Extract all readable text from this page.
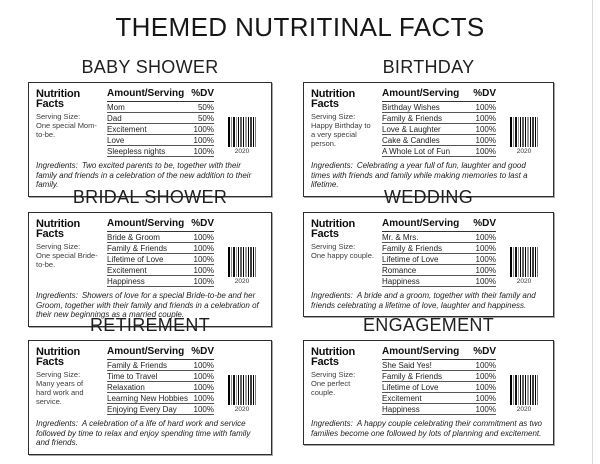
THEMED NUTRITINAL FACTS
BABY SHOWER
Nutrition
Facts
Serving Size:
One special Mom-to-be.
Amount/Serving %DV
Mom	50%
Dad	50%
Excitement	100%
Love	100%
Sleepless nights	100%	2020
Ingredients: Two excited parents to be, together with their family and friends in a celebration of the new addition to their family.
BIRTHDAY
Nutrition
Facts
Serving Size:
Happy Birthday to a very special person.
Amount/Serving %DV
Birthday Wishes	100%
Family & Friends	100%
Love & Laughter	100%
Cake & Candles	100%
A Whole Lot of Fun	100%	2020
Ingredients: Celebrating a year full of fun, laughter and good times with friends and family while making memories to last a lifetime.
BRIDAL SHOWER
Nutrition
Facts
Serving Size:
One special Bride-to-be.
Amount/Serving %DV
Bride & Groom	100%
Family & Friends	100%
Lifetime of Love	100%
Excitement	100%
Happiness	100%	2020
Ingredients: Showers of love for a special Bride-to-be and her Groom, together with their family and friends in a celebration of their new beginnings as a married couple.
WEDDING
Nutrition
Facts
Serving Size:
One happy couple.
Amount/Serving %DV
Mr. & Mrs.	100%
Family & Friends	100%
Lifetime of Love	100%
Romance	100%
Happiness	100%	2020
Ingredients: A bride and a groom, together with their family and friends celebrating a lifetime of love, laughter and happiness.
RETIREMENT
Nutrition
Facts
Serving Size:
Many years of hard work and service.
Amount/Serving %DV
Family & Friends	100%
Time to Travel	100%
Relaxation	100%
Learning New Hobbies 100%
Enjoying Every Day 100%	2020
Ingredients: A celebration of a life of hard work and service followed by time to relax and enjoy spending time with family and friends.
ENGAGEMENT
Nutrition
Facts
Serving Size:
One perfect couple.
Amount/Serving %DV
She Said Yes!	100%
Family & Friends	100%
Lifetime of Love	100%
Excitement	100%
Happiness	100%	2020
Ingredients: A happy couple celebrating their commitment as two families become one followed by lots of planning and excitement.
